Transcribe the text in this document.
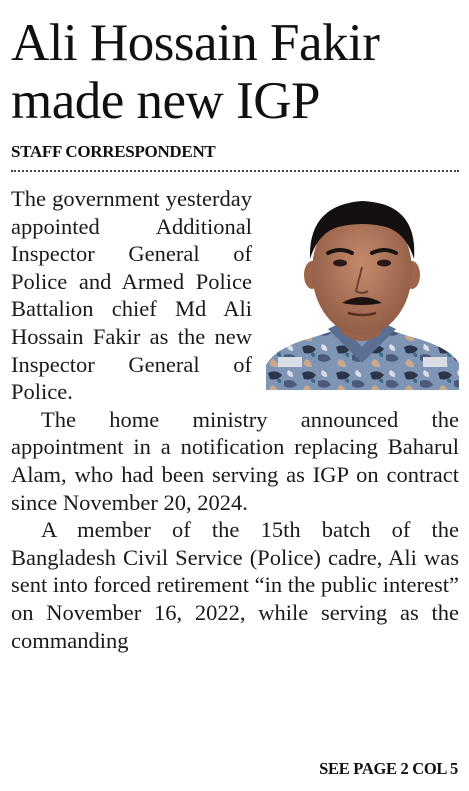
Ali Hossain Fakir made new IGP
STAFF CORRESPONDENT

The government yesterday appointed Additional Inspector General of Police and Armed Police Battalion chief Md Ali Hossain Fakir as the new Inspector General of Police.

The home ministry announced the appointment in a notification replacing Baharul Alam, who had been serving as IGP on contract since November 20, 2024.

A member of the 15th batch of the Bangladesh Civil Service (Police) cadre, Ali was sent into forced retirement “in the public interest” on November 16, 2022, while serving as the commanding

SEE PAGE 2 COL 5
